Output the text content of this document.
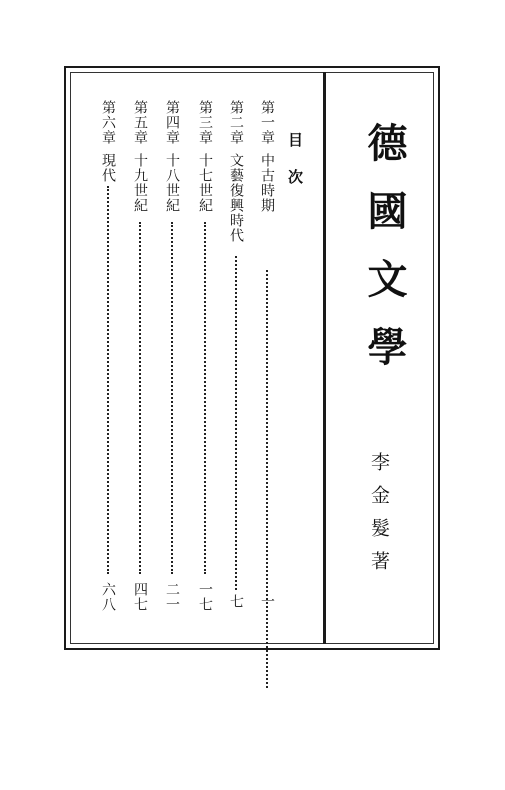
德國文學
李金髮著
目次
第一章中古時期
一
第二章文藝復興時代
七
第三章十七世紀
一七
第四章十八世紀
二一
第五章十九世紀
四七
第六章現代
六八
